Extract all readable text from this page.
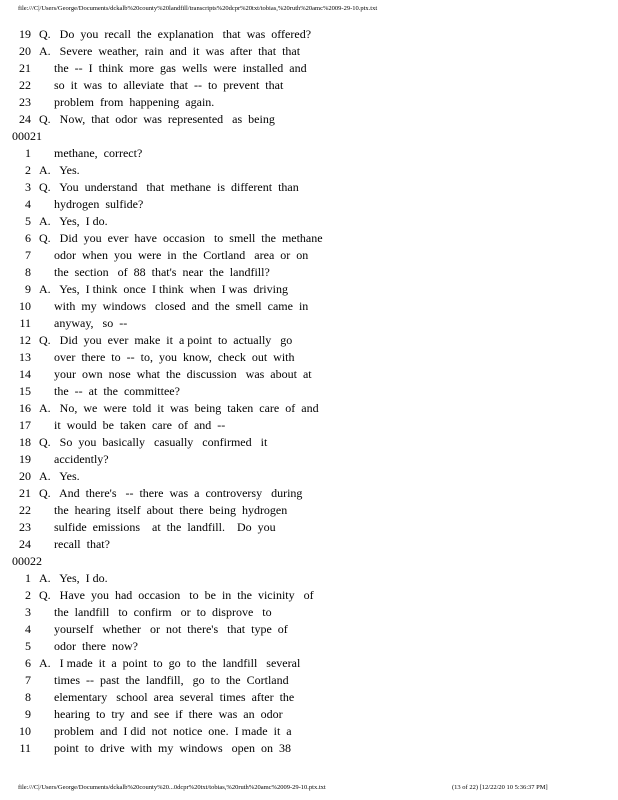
file:///C|/Users/George/Documents/dckalb%20county%20landfill/transcripts%20dcpr%20txt/tobias,%20ruth%20amc%2009-29-10.ptx.txt
19 Q.   Do  you  recall  the  explanation   that  was  offered?
20 A.   Severe  weather,  rain  and  it  was  after  that  that
21 the  --  I  think  more  gas  wells  were  installed  and
22 so  it  was  to  alleviate  that  --  to  prevent  that
23 problem  from  happening  again.
24 Q.   Now,  that  odor  was  represented   as  being
00021
1 methane,  correct?
2 A.   Yes.
3 Q.   You  understand   that  methane  is  different  than
4 hydrogen  sulfide?
5 A.   Yes,  I do.
6 Q.   Did  you  ever  have  occasion   to  smell  the  methane
7 odor  when  you  were  in  the  Cortland   area  or  on
8 the  section   of  88  that's  near  the  landfill?
9 A.   Yes,  I think  once  I think  when  I was  driving
10 with  my  windows   closed  and  the  smell  came  in
11 anyway,   so  --
12 Q.   Did  you  ever  make  it  a point  to  actually   go
13 over  there  to  --  to,  you  know,  check  out  with
14 your  own  nose  what  the  discussion   was  about  at
15 the  --  at  the  committee?
16 A.   No,  we  were  told  it  was  being  taken  care  of  and
17 it  would  be  taken  care  of  and  --
18 Q.   So  you  basically   casually   confirmed   it
19 accidently?
20 A.   Yes.
21 Q.   And  there's   --  there  was  a  controversy   during
22 the  hearing  itself  about  there  being  hydrogen
23 sulfide  emissions    at  the  landfill.    Do  you
24 recall  that?
00022
1 A.   Yes,  I do.
2 Q.   Have  you  had  occasion   to  be  in  the  vicinity   of
3 the  landfill   to  confirm   or  to  disprove   to
4 yourself   whether   or  not  there's   that  type  of
5 odor  there  now?
6 A.   I made  it  a  point  to  go  to  the  landfill   several
7 times  --  past  the  landfill,   go  to  the  Cortland
8 elementary   school  area  several  times  after  the
9 hearing  to  try  and  see  if  there  was  an  odor
10 problem  and  I did  not  notice  one.  I made  it  a
11 point  to  drive  with  my  windows   open  on  38
file:///C|/Users/George/Documents/dckalb%20county%20...0dcpr%20txt/tobias,%20ruth%20amc%2009-29-10.ptx.txt	(13 of 22) [12/22/20 10 5:36:37 PM]
